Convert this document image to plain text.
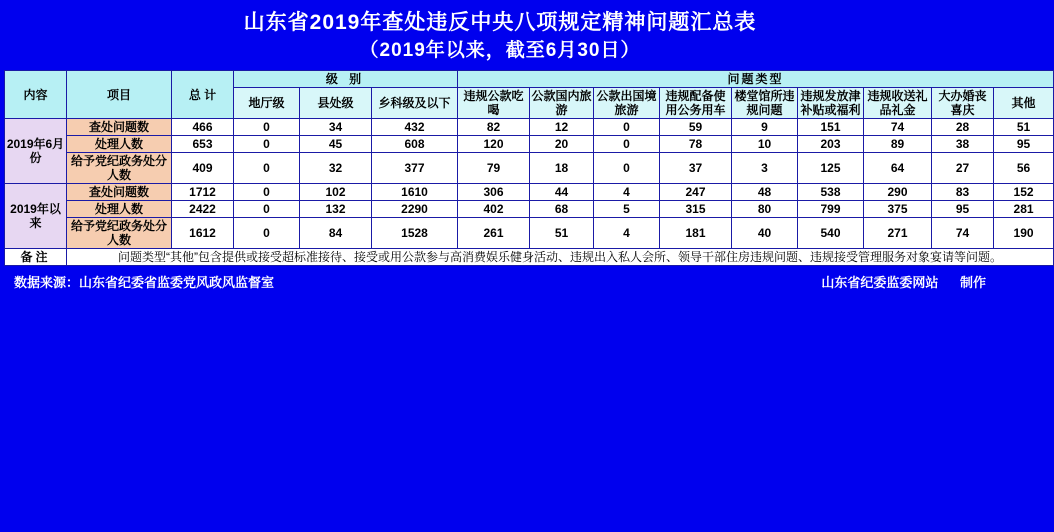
山东省2019年查处违反中央八项规定精神问题汇总表
（2019年以来，截至6月30日）
内容	项目	总 计	级 别			问题类型								
			地厅级	县处级	乡科级及以下	违规公款吃喝	公款国内旅游	公款出国境旅游	违规配备使用公务用车	楼堂馆所违规问题	违规发放津补贴或福利	违规收送礼品礼金	大办婚丧喜庆	其他
2019年6月份	查处问题数	466	0	34	432	82	12	0	59	9	151	74	28	51
	处理人数	653	0	45	608	120	20	0	78	10	203	89	38	95
	给予党纪政务处分人数	409	0	32	377	79	18	0	37	3	125	64	27	56
2019年以来	查处问题数	1712	0	102	1610	306	44	4	247	48	538	290	83	152
	处理人数	2422	0	132	2290	402	68	5	315	80	799	375	95	281
	给予党纪政务处分人数	1612	0	84	1528	261	51	4	181	40	540	271	74	190
备注	问题类型“其他”包含提供或接受超标准接待、接受或用公款参与高消费娱乐健身活动、违规出入私人会所、领导干部住房违规问题、违规接受管理服务对象宴请等问题。													
数据来源：山东省纪委省监委党风政风监督室	山东省纪委监委网站 制作
